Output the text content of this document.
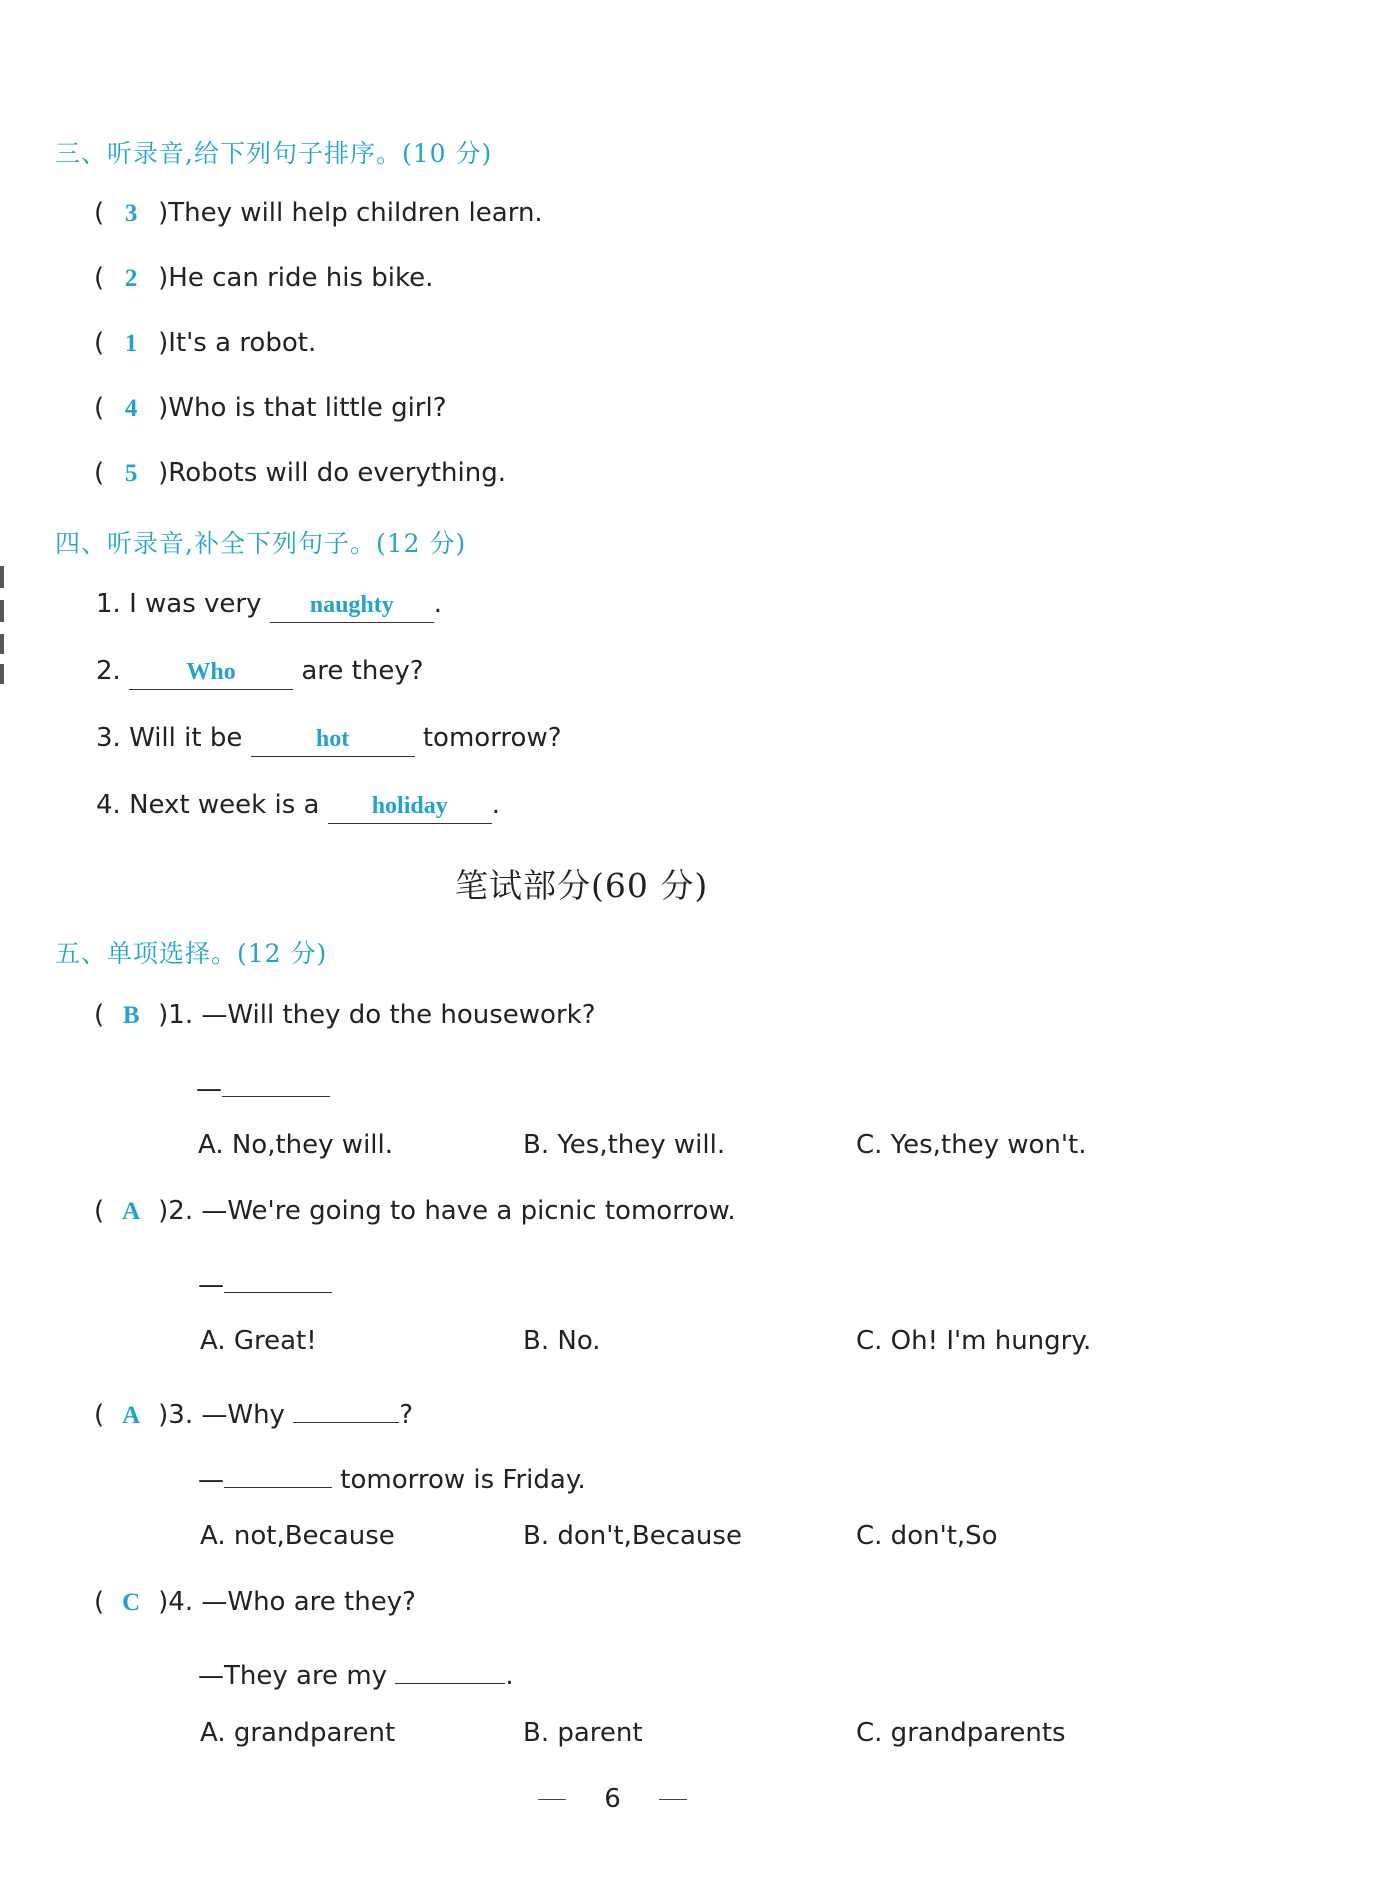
三、听录音,给下列句子排序。(10 分)
( 3 )They will help children learn.
( 2 )He can ride his bike.
( 1 )It's a robot.
( 4 )Who is that little girl?
( 5 )Robots will do everything.
四、听录音,补全下列句子。(12 分)
1. I was very naughty .
2.	Who	are they?
3. Will it be	hot	tomorrow?
4. Next week is a holiday .
笔试部分(60 分)
五、单项选择。(12 分)
( B )1. —Will they do the housework?
—
A. No,they will.	B. Yes,they will.	C. Yes,they won't.
( A )2. —We're going to have a picnic tomorrow.
—
A. Great!	B. No.	C. Oh! I'm hungry.
( A )3. —Why	?
—	tomorrow is Friday.
A. not,Because	B. don't,Because	C. don't,So
( C )4. —Who are they?
—They are my	.
A. grandparent	B. parent	C. grandparents
6
